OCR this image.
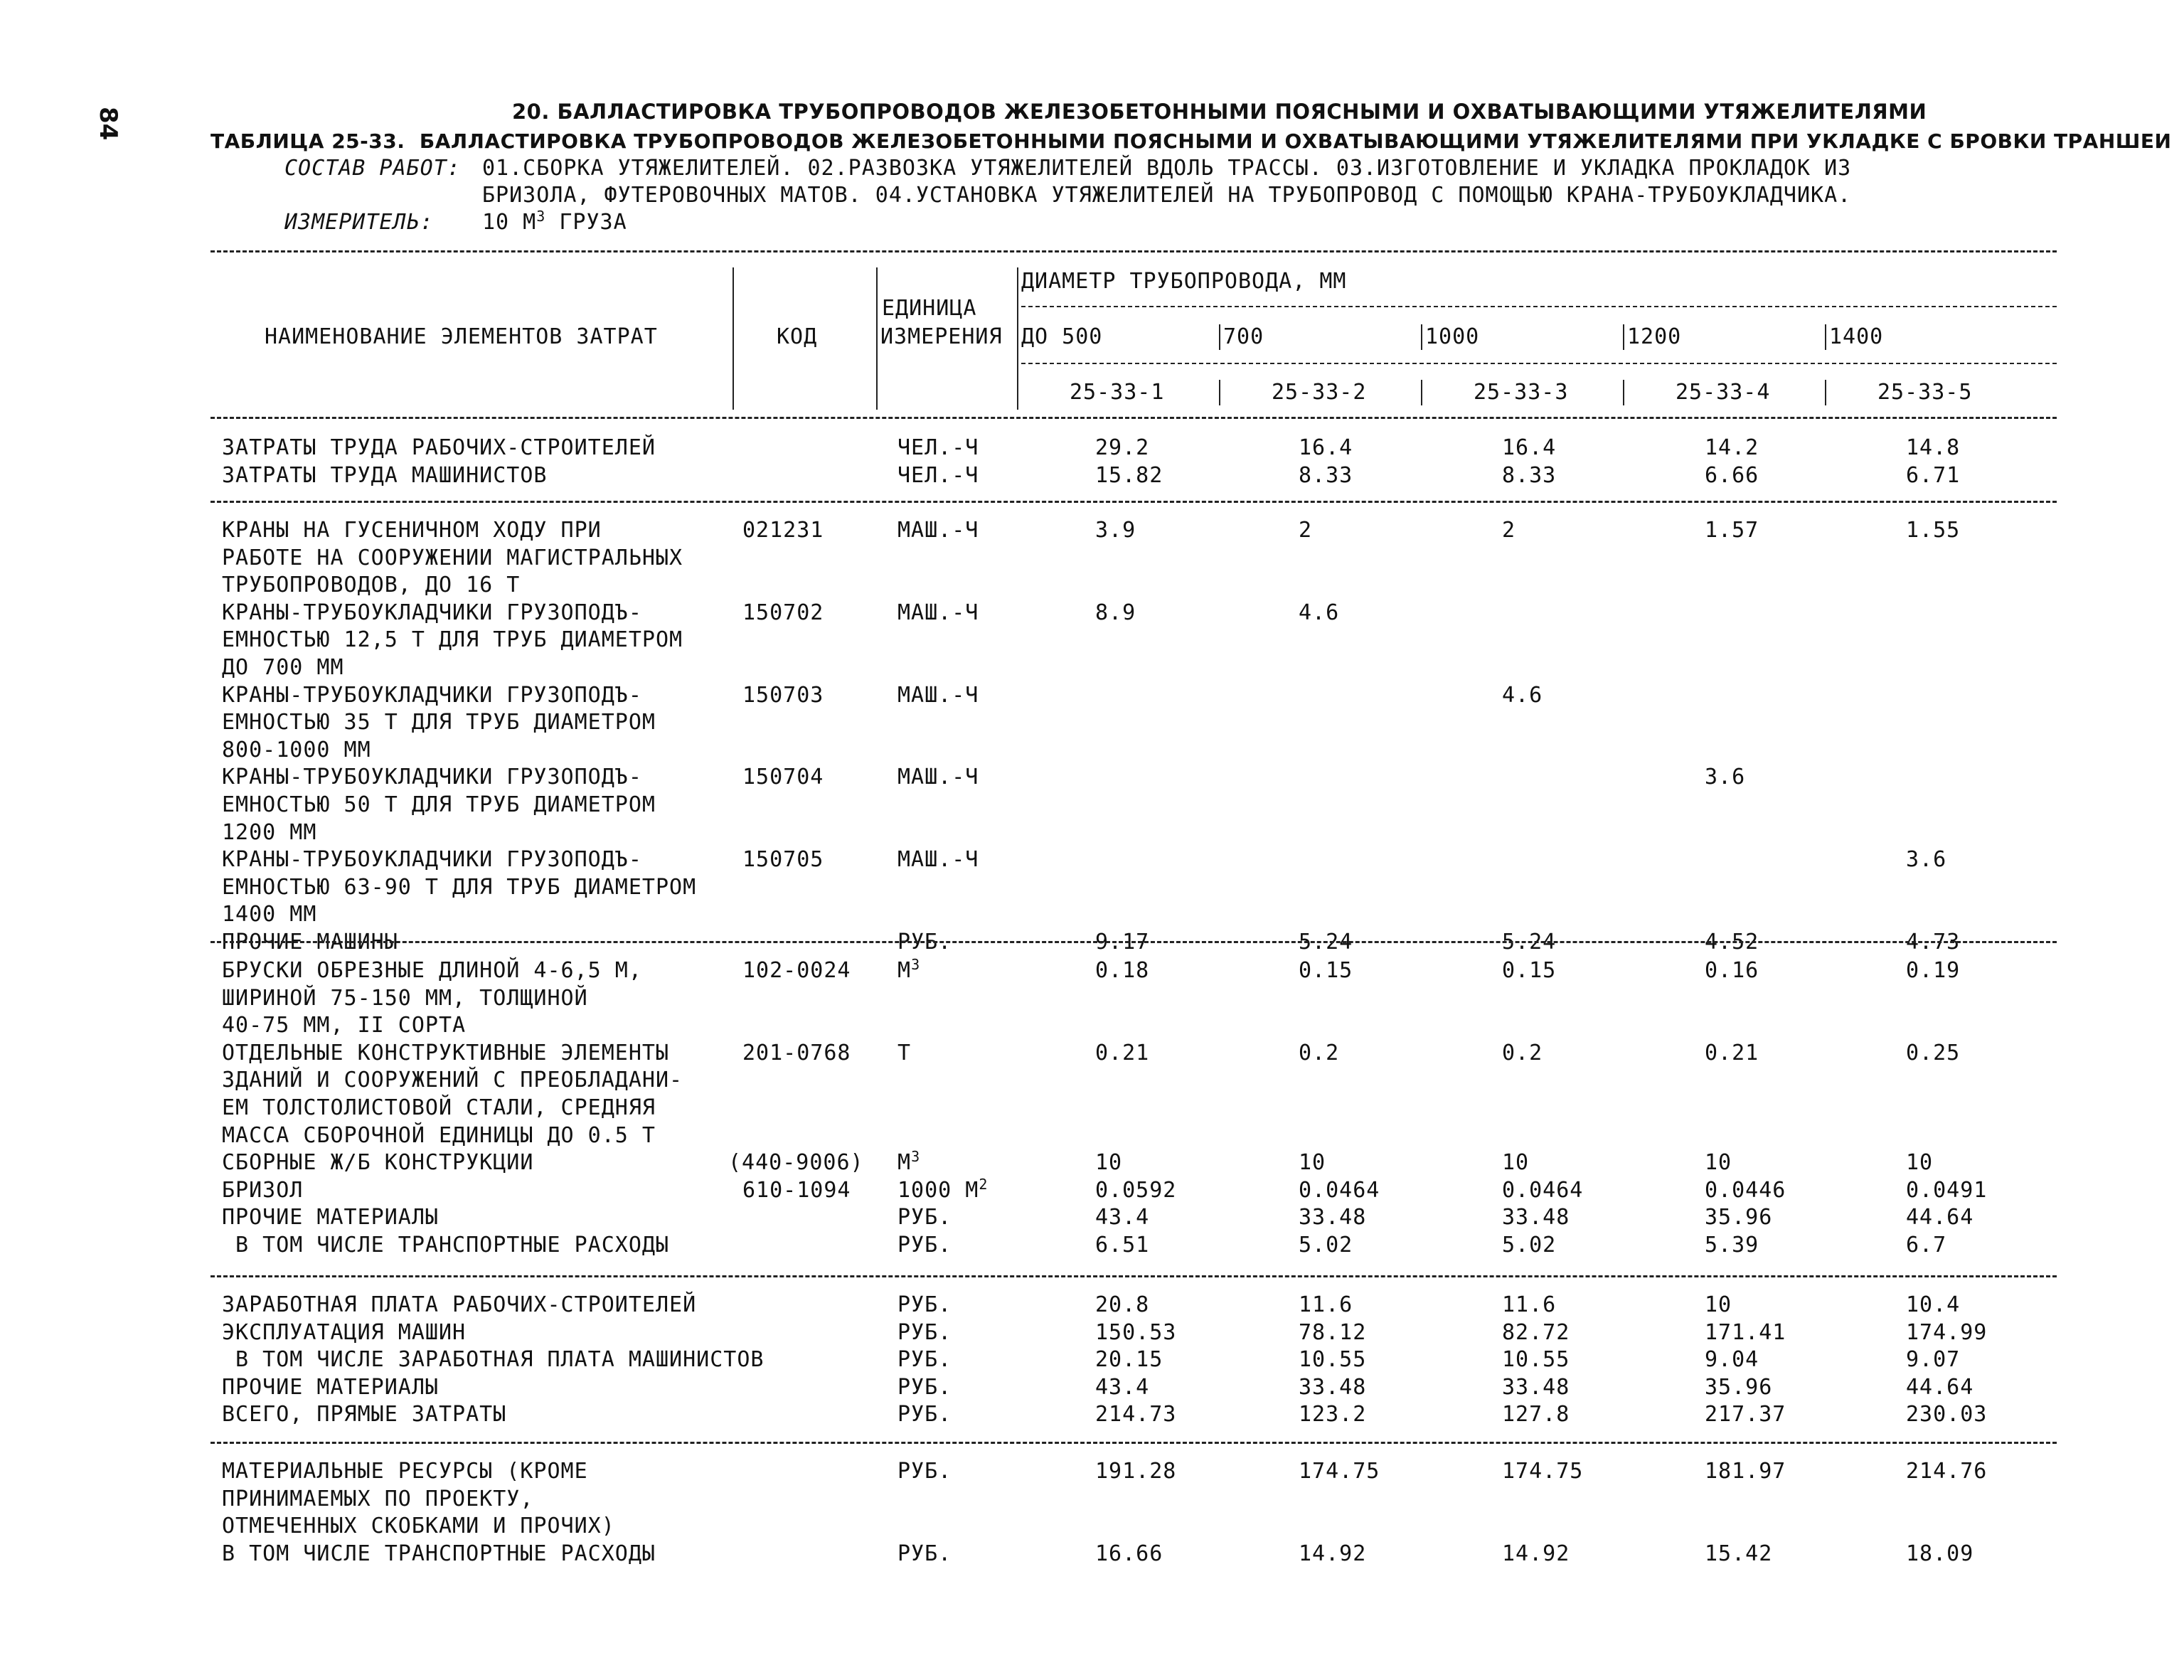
84	20. БАЛЛАСТИРОВКА ТРУБОПРОВОДОВ ЖЕЛЕЗОБЕТОННЫМИ ПОЯСНЫМИ И ОХВАТЫВАЮЩИМИ УТЯЖЕЛИТЕЛЯМИ
ТАБЛИЦА 25-33.  БАЛЛАСТИРОВКА ТРУБОПРОВОДОВ ЖЕЛЕЗОБЕТОННЫМИ ПОЯСНЫМИ И ОХВАТЫВАЮЩИМИ УТЯЖЕЛИТЕЛЯМИ ПРИ УКЛАДКЕ С БРОВКИ ТРАНШЕИ
СОСТАВ РАБОТ: 01.СБОРКА УТЯЖЕЛИТЕЛЕЙ. 02.РАЗВОЗКА УТЯЖЕЛИТЕЛЕЙ ВДОЛЬ ТРАССЫ. 03.ИЗГОТОВЛЕНИЕ И УКЛАДКА ПРОКЛАДОК ИЗ
БРИЗОЛА, ФУТЕРОВОЧНЫХ МАТОВ. 04.УСТАНОВКА УТЯЖЕЛИТЕЛЕЙ НА ТРУБОПРОВОД С ПОМОЩЬЮ КРАНА-ТРУБОУКЛАДЧИКА.
ИЗМЕРИТЕЛЬ: 10 $М^3$ ГРУЗА
ДИАМЕТР ТРУБОПРОВОДА, ММ
ЕДИНИЦА
НАИМЕНОВАНИЕ ЭЛЕМЕНТОВ ЗАТРАТ	КОД	ИЗМЕРЕНИЯ ДО 500	700	1000	1200	1400
25-33-1	25-33-2	25-33-3	25-33-4	25-33-5
ЗАТРАТЫ ТРУДА РАБОЧИХ-СТРОИТЕЛЕЙ	ЧЕЛ.-Ч	29.2	16.4	16.4	14.2	14.8
ЗАТРАТЫ ТРУДА МАШИНИСТОВ	ЧЕЛ.-Ч	15.82	8.33	8.33	6.66	6.71
КРАНЫ НА ГУСЕНИЧНОМ ХОДУ ПРИ
РАБОТЕ НА СООРУЖЕНИИ МАГИСТРАЛЬНЫХ
ТРУБОПРОВОДОВ, ДО 16 Т
021231	МАШ.-Ч	3.9	2	2	1.57	1.55
КРАНЫ-ТРУБОУКЛАДЧИКИ ГРУЗОПОДЪ-
ЕМНОСТЬЮ 12,5 Т ДЛЯ ТРУБ ДИАМЕТРОМ
ДО 700 ММ
150702	МАШ.-Ч	8.9	4.6
КРАНЫ-ТРУБОУКЛАДЧИКИ ГРУЗОПОДЪ-
ЕМНОСТЬЮ 35 Т ДЛЯ ТРУБ ДИАМЕТРОМ
800-1000 ММ
150703	МАШ.-Ч	4.6
КРАНЫ-ТРУБОУКЛАДЧИКИ ГРУЗОПОДЪ-
ЕМНОСТЬЮ 50 Т ДЛЯ ТРУБ ДИАМЕТРОМ
1200 ММ
150704	МАШ.-Ч	3.6
КРАНЫ-ТРУБОУКЛАДЧИКИ ГРУЗОПОДЪ-
ЕМНОСТЬЮ 63-90 Т ДЛЯ ТРУБ ДИАМЕТРОМ
1400 ММ
150705	МАШ.-Ч	3.6
ПРОЧИЕ МАШИНЫ	РУБ.	9.17	5.24	5.24	4.52	4.73
БРУСКИ ОБРЕЗНЫЕ ДЛИНОЙ 4-6,5 М,
ШИРИНОЙ 75-150 ММ, ТОЛЩИНОЙ
40-75 ММ, II СОРТА
102-0024 $М^3$	0.18	0.15	0.15	0.16	0.19
ОТДЕЛЬНЫЕ КОНСТРУКТИВНЫЕ ЭЛЕМЕНТЫ
ЗДАНИЙ И СООРУЖЕНИЙ С ПРЕОБЛАДАНИ-
ЕМ ТОЛСТОЛИСТОВОЙ СТАЛИ, СРЕДНЯЯ
МАССА СБОРОЧНОЙ ЕДИНИЦЫ ДО 0.5 Т
201-0768 Т	0.21	0.2	0.2	0.21	0.25
СБОРНЫЕ Ж/Б КОНСТРУКЦИИ	(440-9006) $М^3$	10	10	10	10	10
БРИЗОЛ	610-1094 1000 $М^2$	0.0592	0.0464	0.0464	0.0446	0.0491
ПРОЧИЕ МАТЕРИАЛЫ	РУБ.	43.4	33.48	33.48	35.96	44.64
В ТОМ ЧИСЛЕ ТРАНСПОРТНЫЕ РАСХОДЫ	РУБ.	6.51	5.02	5.02	5.39	6.7
ЗАРАБОТНАЯ ПЛАТА РАБОЧИХ-СТРОИТЕЛЕЙ	РУБ.	20.8	11.6	11.6	10	10.4
ЭКСПЛУАТАЦИЯ МАШИН	РУБ.	150.53	78.12	82.72	171.41	174.99
В ТОМ ЧИСЛЕ ЗАРАБОТНАЯ ПЛАТА МАШИНИСТОВ	РУБ.	20.15	10.55	10.55	9.04	9.07
ПРОЧИЕ МАТЕРИАЛЫ	РУБ.	43.4	33.48	33.48	35.96	44.64
ВСЕГО, ПРЯМЫЕ ЗАТРАТЫ	РУБ.	214.73	123.2	127.8	217.37	230.03
МАТЕРИАЛЬНЫЕ РЕСУРСЫ (КРОМЕ
ПРИНИМАЕМЫХ ПО ПРОЕКТУ,
ОТМЕЧЕННЫХ СКОБКАМИ И ПРОЧИХ)
РУБ.	191.28	174.75	174.75	181.97	214.76
В ТОМ ЧИСЛЕ ТРАНСПОРТНЫЕ РАСХОДЫ	РУБ.	16.66	14.92	14.92	15.42	18.09
